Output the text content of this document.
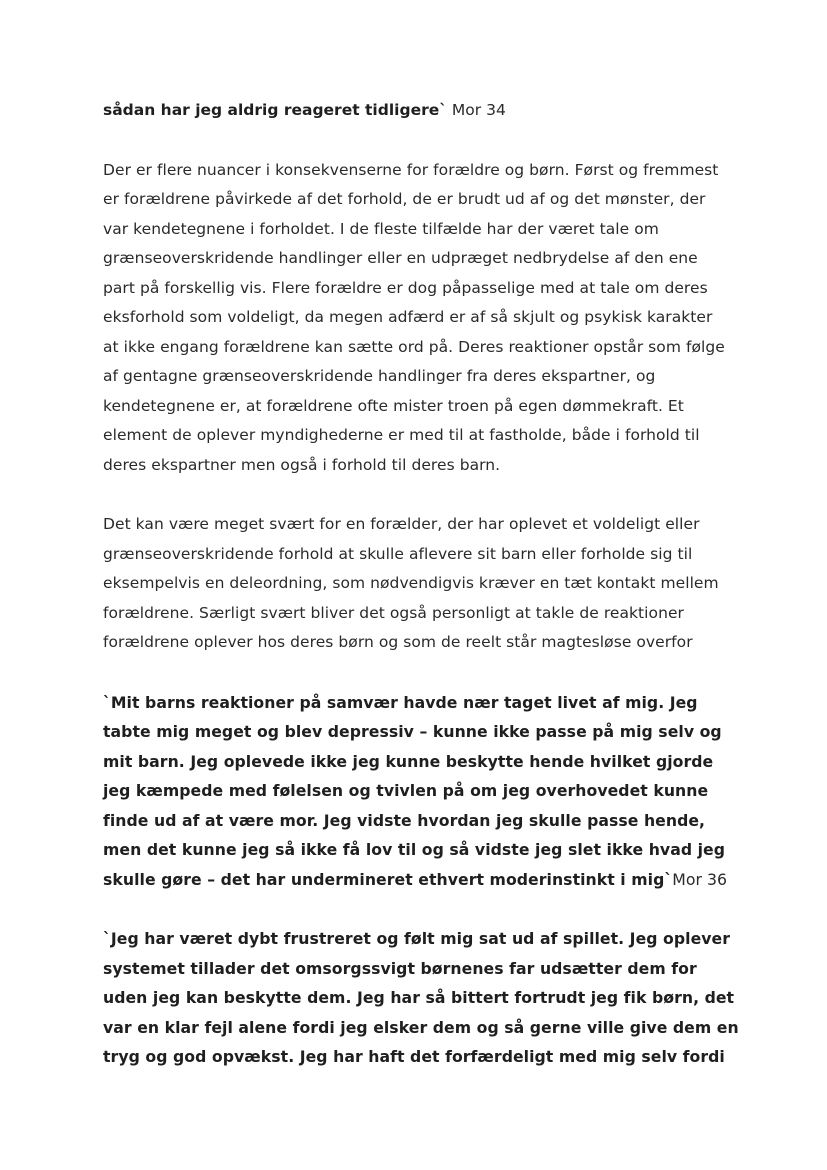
sådan har jeg aldrig reageret tidligere` Mor 34

Der er flere nuancer i konsekvenserne for forældre og børn. Først og fremmest
er forældrene påvirkede af det forhold, de er brudt ud af og det mønster, der
var kendetegnene i forholdet. I de fleste tilfælde har der været tale om
grænseoverskridende handlinger eller en udpræget nedbrydelse af den ene
part på forskellig vis. Flere forældre er dog påpasselige med at tale om deres
eksforhold som voldeligt, da megen adfærd er af så skjult og psykisk karakter
at ikke engang forældrene kan sætte ord på. Deres reaktioner opstår som følge
af gentagne grænseoverskridende handlinger fra deres ekspartner, og
kendetegnene er, at forældrene ofte mister troen på egen dømmekraft. Et
element de oplever myndighederne er med til at fastholde, både i forhold til
deres ekspartner men også i forhold til deres barn.

Det kan være meget svært for en forælder, der har oplevet et voldeligt eller
grænseoverskridende forhold at skulle aflevere sit barn eller forholde sig til
eksempelvis en deleordning, som nødvendigvis kræver en tæt kontakt mellem
forældrene. Særligt svært bliver det også personligt at takle de reaktioner
forældrene oplever hos deres børn og som de reelt står magtesløse overfor

`Mit barns reaktioner på samvær havde nær taget livet af mig. Jeg
tabte mig meget og blev depressiv – kunne ikke passe på mig selv og
mit barn. Jeg oplevede ikke jeg kunne beskytte hende hvilket gjorde
jeg kæmpede med følelsen og tvivlen på om jeg overhovedet kunne
finde ud af at være mor. Jeg vidste hvordan jeg skulle passe hende,
men det kunne jeg så ikke få lov til og så vidste jeg slet ikke hvad jeg
skulle gøre – det har undermineret ethvert moderinstinkt i mig`Mor 36

`Jeg har været dybt frustreret og følt mig sat ud af spillet. Jeg oplever
systemet tillader det omsorgssvigt børnenes far udsætter dem for
uden jeg kan beskytte dem. Jeg har så bittert fortrudt jeg fik børn, det
var en klar fejl alene fordi jeg elsker dem og så gerne ville give dem en
tryg og god opvækst. Jeg har haft det forfærdeligt med mig selv fordi
